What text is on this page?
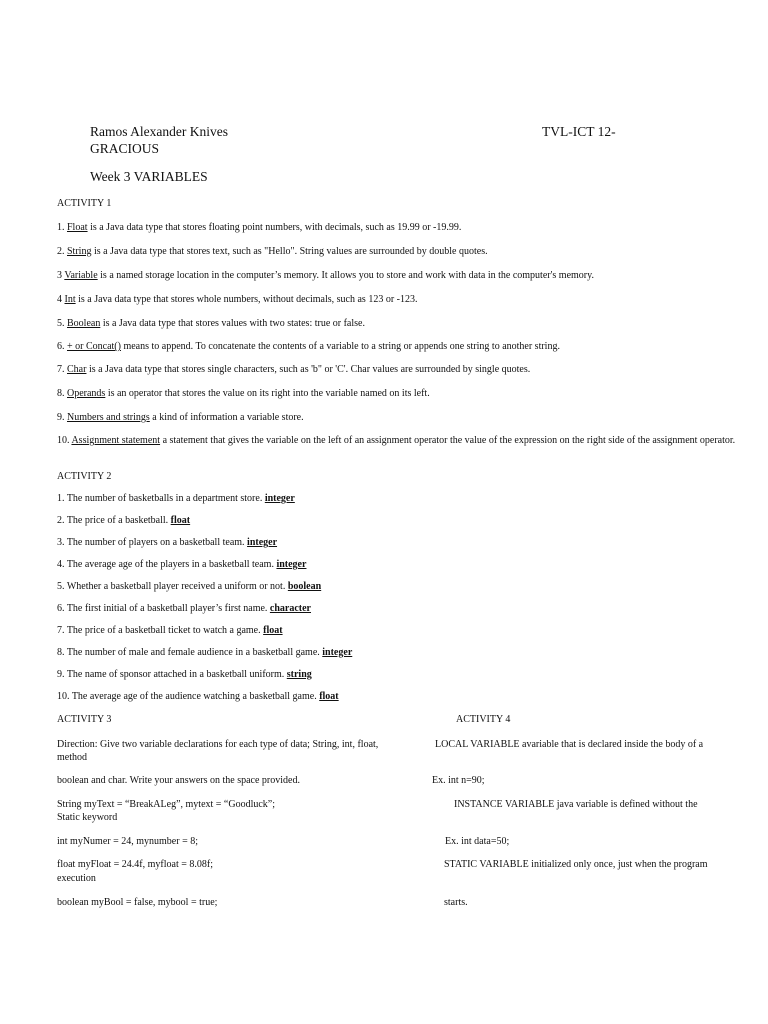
Ramos Alexander Knives	TVL-ICT 12-
GRACIOUS
Week 3 VARIABLES
ACTIVITY 1
1. Float is a Java data type that stores floating point numbers, with decimals, such as 19.99 or -19.99.
2. String is a Java data type that stores text, such as "Hello". String values are surrounded by double quotes.
3 Variable is a named storage location in the computer’s memory. It allows you to store and work with data in the computer's memory.
4 Int is a Java data type that stores whole numbers, without decimals, such as 123 or -123.
5. Boolean is a Java data type that stores values with two states: true or false.
6. + or Concat() means to append. To concatenate the contents of a variable to a string or appends one string to another string.
7. Char is a Java data type that stores single characters, such as 'b" or 'C'. Char values are surrounded by single quotes.
8. Operands is an operator that stores the value on its right into the variable named on its left.
9. Numbers and strings a kind of information a variable store.
10. Assignment statement a statement that gives the variable on the left of an assignment operator the value of the expression on the right side of the assignment operator.
ACTIVITY 2
1. The number of basketballs in a department store. integer
2. The price of a basketball. float
3. The number of players on a basketball team. integer
4. The average age of the players in a basketball team. integer
5. Whether a basketball player received a uniform or not. boolean
6. The first initial of a basketball player’s first name. character
7. The price of a basketball ticket to watch a game. float
8. The number of male and female audience in a basketball game. integer
9. The name of sponsor attached in a basketball uniform. string
10. The average age of the audience watching a basketball game. float
ACTIVITY 3
Direction: Give two variable declarations for each type of data; String, int, float,
boolean and char. Write your answers on the space provided.
String myText = “BreakALeg”, mytext = “Goodluck”;
int myNumer = 24, mynumber = 8;
float myFloat = 24.4f, myfloat = 8.08f;
boolean myBool = false, mybool = true;
ACTIVITY 4
LOCAL VARIABLE avariable that is declared inside the body of a
method
Ex. int n=90;
INSTANCE VARIABLE java variable is defined without the
Static keyword
Ex. int data=50;
STATIC VARIABLE initialized only once, just when the program
execution
starts.
